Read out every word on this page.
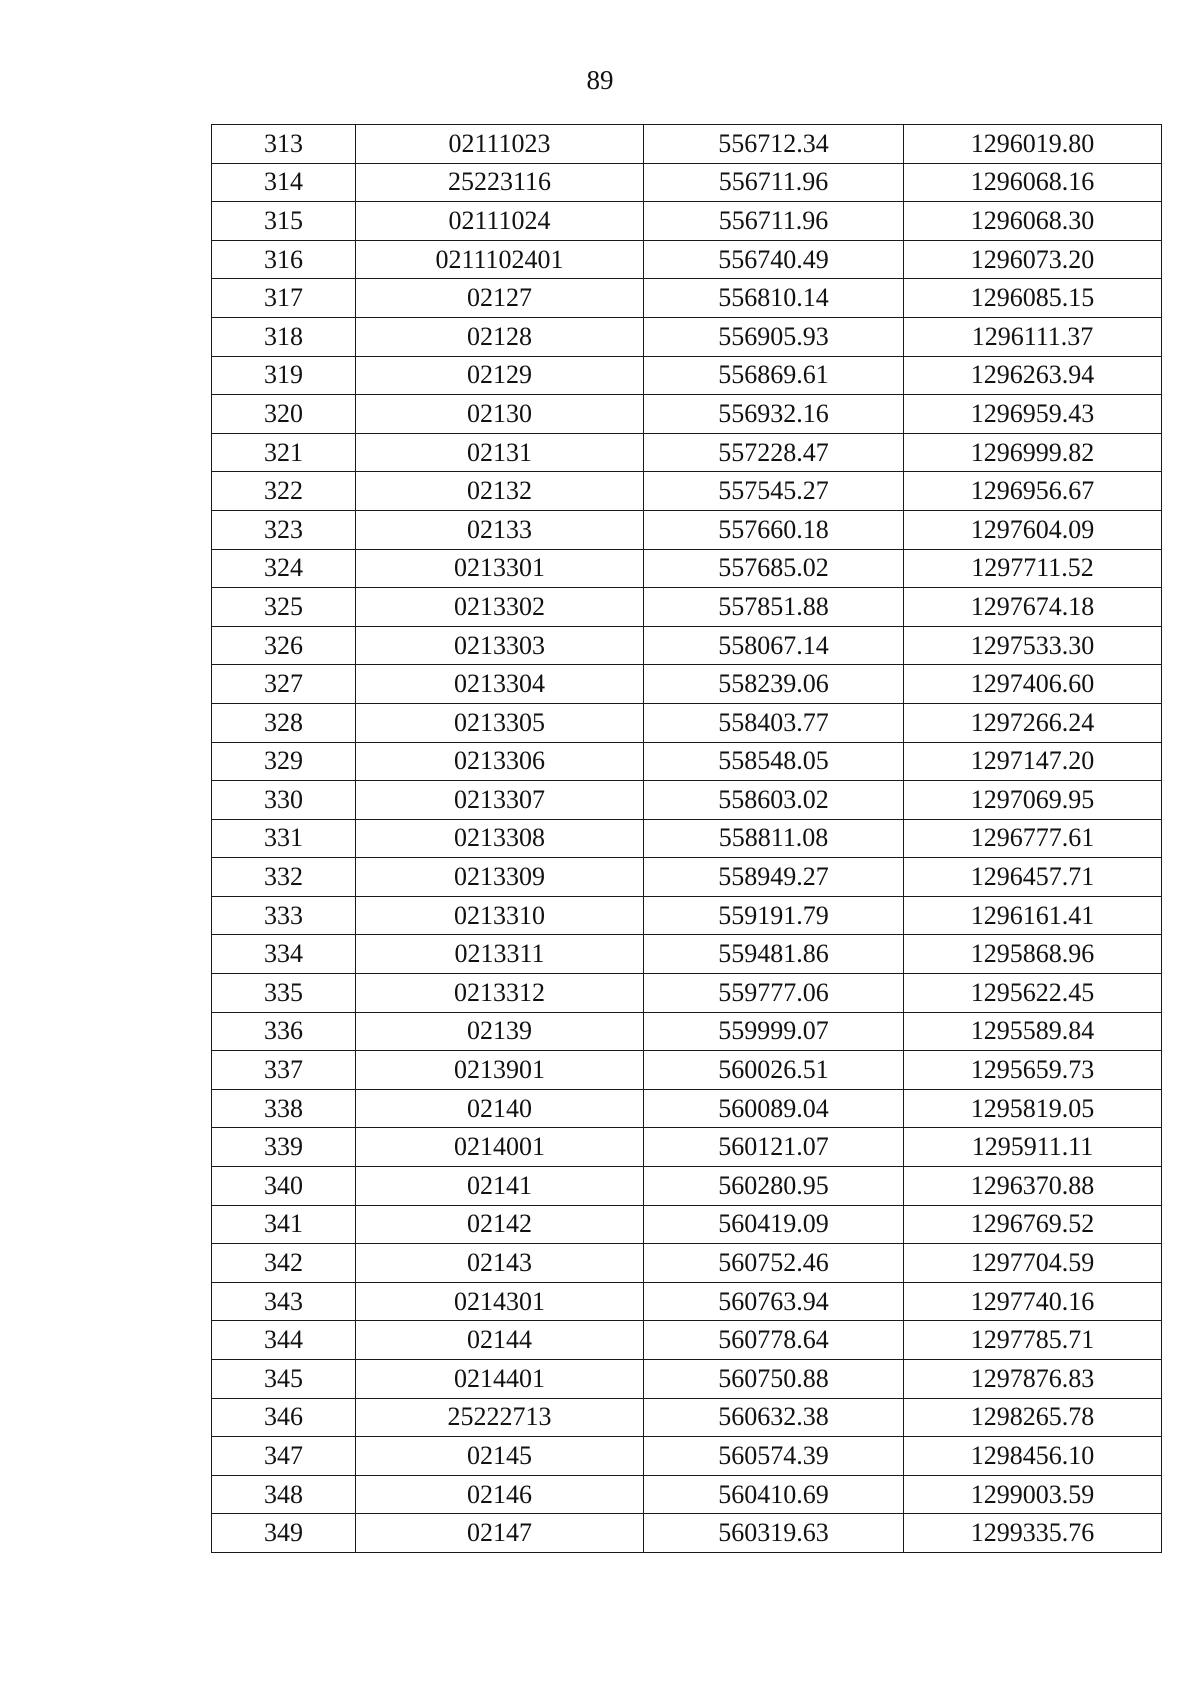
89
313	02111023	556712.34	1296019.80
314	25223116	556711.96	1296068.16
315	02111024	556711.96	1296068.30
316	0211102401	556740.49	1296073.20
317	02127	556810.14	1296085.15
318	02128	556905.93	1296111.37
319	02129	556869.61	1296263.94
320	02130	556932.16	1296959.43
321	02131	557228.47	1296999.82
322	02132	557545.27	1296956.67
323	02133	557660.18	1297604.09
324	0213301	557685.02	1297711.52
325	0213302	557851.88	1297674.18
326	0213303	558067.14	1297533.30
327	0213304	558239.06	1297406.60
328	0213305	558403.77	1297266.24
329	0213306	558548.05	1297147.20
330	0213307	558603.02	1297069.95
331	0213308	558811.08	1296777.61
332	0213309	558949.27	1296457.71
333	0213310	559191.79	1296161.41
334	0213311	559481.86	1295868.96
335	0213312	559777.06	1295622.45
336	02139	559999.07	1295589.84
337	0213901	560026.51	1295659.73
338	02140	560089.04	1295819.05
339	0214001	560121.07	1295911.11
340	02141	560280.95	1296370.88
341	02142	560419.09	1296769.52
342	02143	560752.46	1297704.59
343	0214301	560763.94	1297740.16
344	02144	560778.64	1297785.71
345	0214401	560750.88	1297876.83
346	25222713	560632.38	1298265.78
347	02145	560574.39	1298456.10
348	02146	560410.69	1299003.59
349	02147	560319.63	1299335.76
